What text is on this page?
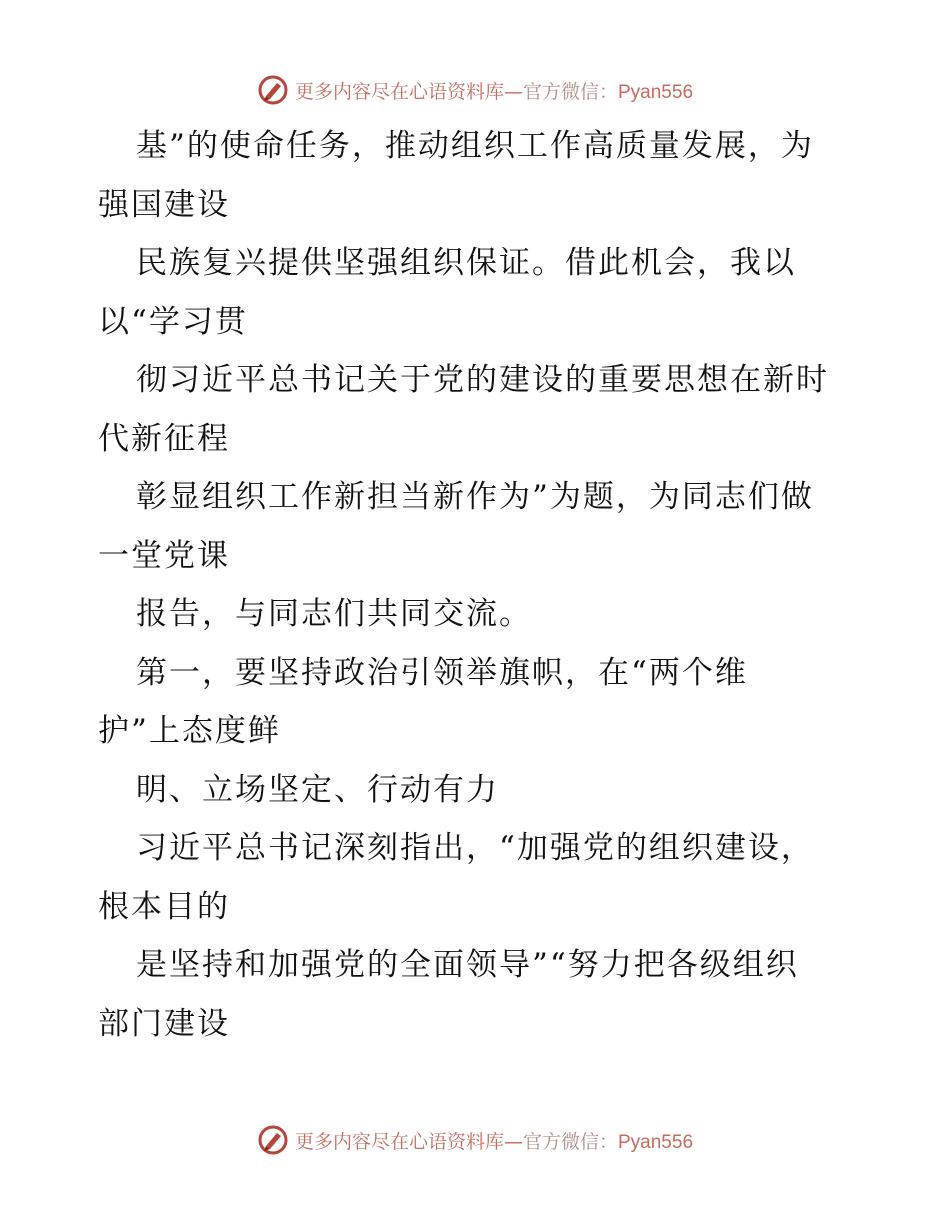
更多内容尽在心语资料库—官方微信：Pyan556
基”的使命任务，推动组织工作高质量发展，为
强国建设
民族复兴提供坚强组织保证。借此机会，我以
以“学习贯
彻习近平总书记关于党的建设的重要思想在新时
代新征程
彰显组织工作新担当新作为”为题，为同志们做
一堂党课
报告，与同志们共同交流。
第一，要坚持政治引领举旗帜，在“两个维
护”上态度鲜
明、立场坚定、行动有力
习近平总书记深刻指出，“加强党的组织建设，
根本目的
是坚持和加强党的全面领导”“努力把各级组织
部门建设
更多内容尽在心语资料库—官方微信：Pyan556
